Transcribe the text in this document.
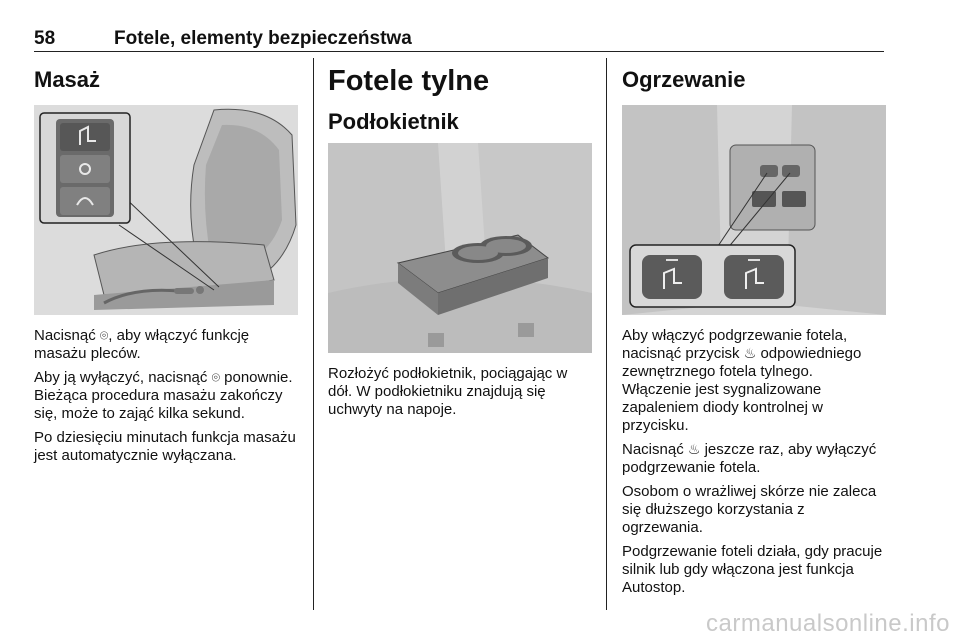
58	Fotele, elementy bezpieczeństwa
Masaż

Nacisnąć ⌾, aby włączyć funkcję masażu pleców.

Aby ją wyłączyć, nacisnąć ⌾ ponownie. Bieżąca procedura masażu zakończy się, może to zająć kilka sekund.

Po dziesięciu minutach funkcja masażu jest automatycznie wyłączana.

Fotele tylne
Podłokietnik

Rozłożyć podłokietnik, pociągając w dół. W podłokietniku znajdują się uchwyty na napoje.

Ogrzewanie

Aby włączyć podgrzewanie fotela, nacisnąć przycisk ♨ odpowiedniego zewnętrznego fotela tylnego. Włączenie jest sygnalizowane zapaleniem diody kontrolnej w przycisku.

Nacisnąć ♨ jeszcze raz, aby wyłączyć podgrzewanie fotela.

Osobom o wrażliwej skórze nie zaleca się dłuższego korzystania z ogrzewania.

Podgrzewanie foteli działa, gdy pracuje silnik lub gdy włączona jest funkcja Autostop.

carmanualsonline.info
